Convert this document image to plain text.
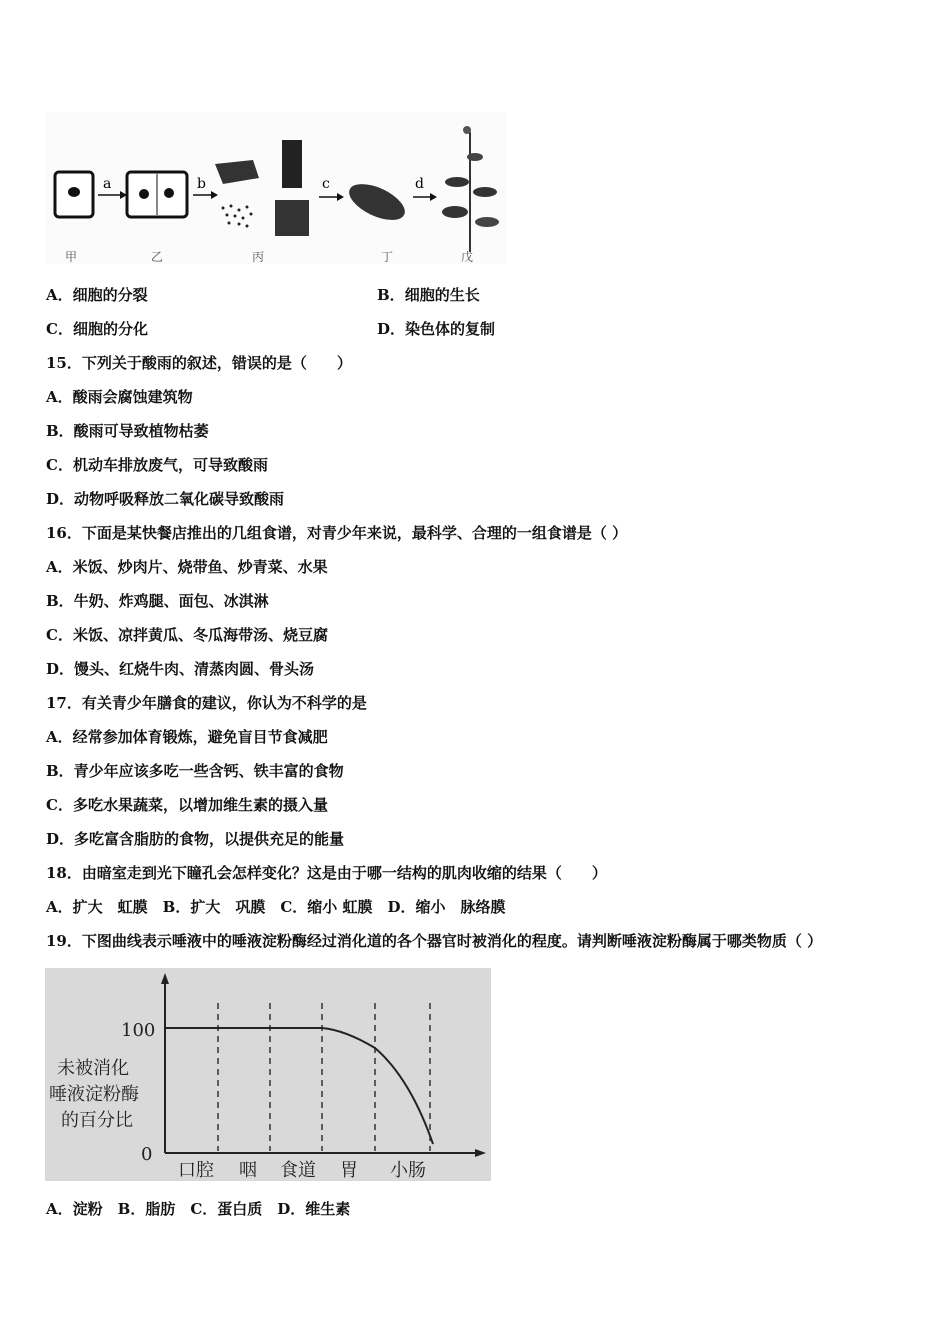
a	b	c	d
甲	乙	丙	丁	戊
A．细胞的分裂	B．细胞的生长
C．细胞的分化	D．染色体的复制
15．下列关于酸雨的叙述，错误的是（　　）
A．酸雨会腐蚀建筑物
B．酸雨可导致植物枯萎
C．机动车排放废气，可导致酸雨
D．动物呼吸释放二氧化碳导致酸雨
16．下面是某快餐店推出的几组食谱，对青少年来说，最科学、合理的一组食谱是（ ）
A．米饭、炒肉片、烧带鱼、炒青菜、水果
B．牛奶、炸鸡腿、面包、冰淇淋
C．米饭、凉拌黄瓜、冬瓜海带汤、烧豆腐
D．馒头、红烧牛肉、清蒸肉圆、骨头汤
17．有关青少年膳食的建议，你认为不科学的是
A．经常参加体育锻炼，避免盲目节食减肥
B．青少年应该多吃一些含钙、铁丰富的食物
C．多吃水果蔬菜，以增加维生素的摄入量
D．多吃富含脂肪的食物，以提供充足的能量
18．由暗室走到光下瞳孔会怎样变化？这是由于哪一结构的肌肉收缩的结果（　　）
A．扩大　虹膜　B．扩大　巩膜　C．缩小 虹膜　D．缩小　脉络膜
19．下图曲线表示唾液中的唾液淀粉酶经过消化道的各个器官时被消化的程度。请判断唾液淀粉酶属于哪类物质（ ）
100
0
未被消化
唾液淀粉酶
的百分比
口腔 咽 食道 胃 小肠
A．淀粉　B．脂肪　C．蛋白质　D．维生素
